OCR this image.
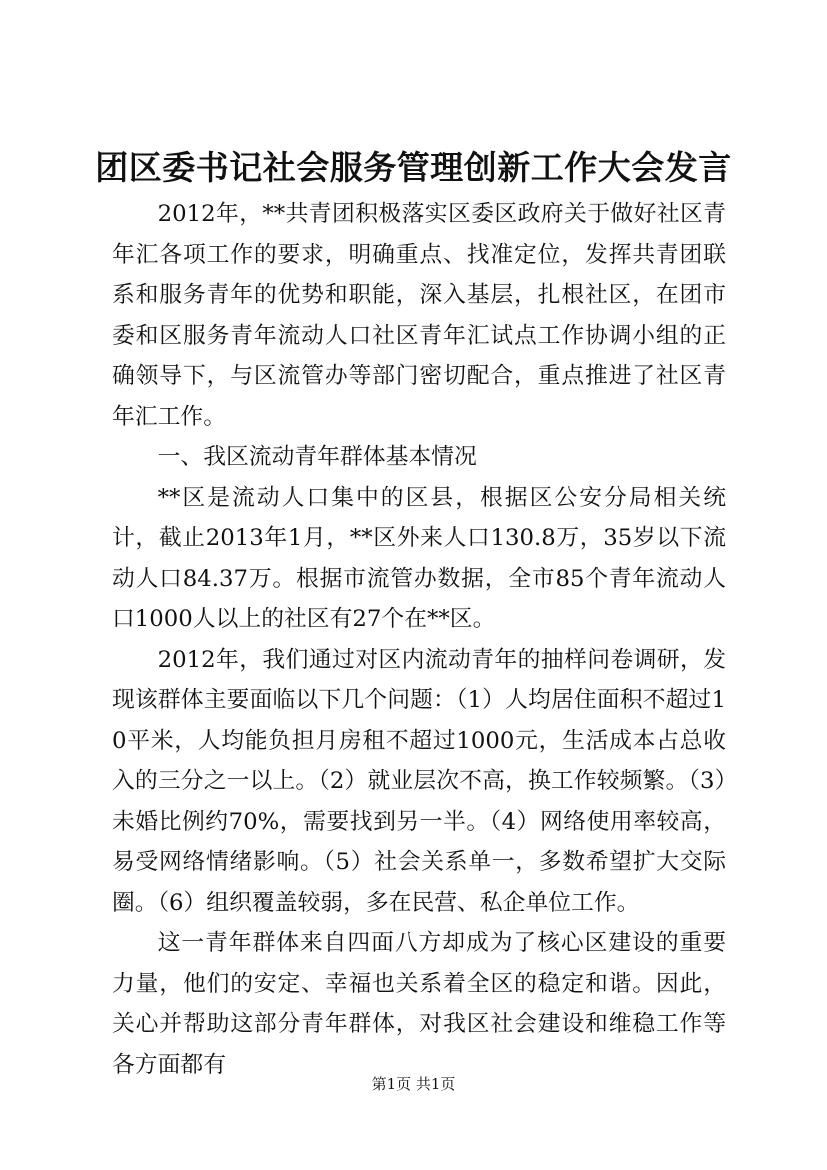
团区委书记社会服务管理创新工作大会发言

2012年，**共青团积极落实区委区政府关于做好社区青年汇各项工作的要求，明确重点、找准定位，发挥共青团联系和服务青年的优势和职能，深入基层，扎根社区，在团市委和区服务青年流动人口社区青年汇试点工作协调小组的正确领导下，与区流管办等部门密切配合，重点推进了社区青年汇工作。

一、我区流动青年群体基本情况

**区是流动人口集中的区县，根据区公安分局相关统计，截止2013年1月，**区外来人口130.8万，35岁以下流动人口84.37万。根据市流管办数据，全市85个青年流动人口1000人以上的社区有27个在**区。

2012年，我们通过对区内流动青年的抽样问卷调研，发现该群体主要面临以下几个问题：（1）人均居住面积不超过10平米，人均能负担月房租不超过1000元，生活成本占总收入的三分之一以上。（2）就业层次不高，换工作较频繁。（3）未婚比例约70%，需要找到另一半。（4）网络使用率较高，易受网络情绪影响。（5）社会关系单一，多数希望扩大交际圈。（6）组织覆盖较弱，多在民营、私企单位工作。

这一青年群体来自四面八方却成为了核心区建设的重要力量，他们的安定、幸福也关系着全区的稳定和谐。因此，关心并帮助这部分青年群体，对我区社会建设和维稳工作等各方面都有

第1页 共1页
